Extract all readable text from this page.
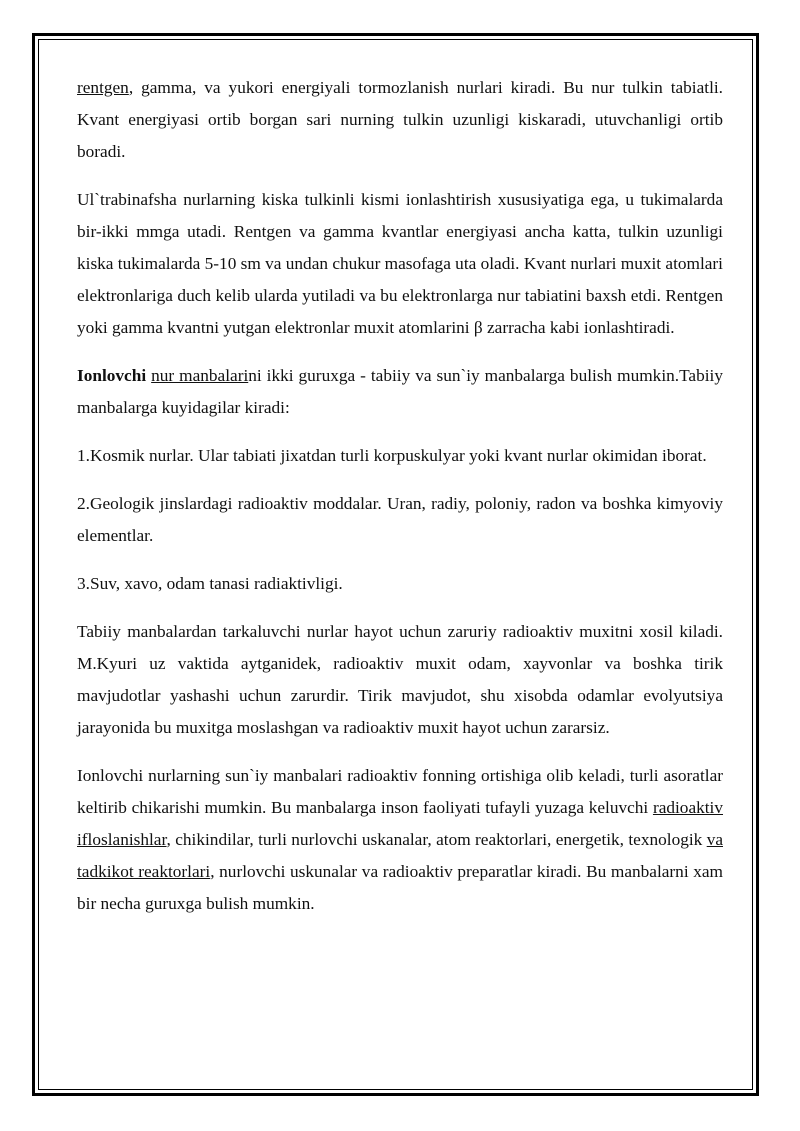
rentgen, gamma, va yukori energiyali tormozlanish nurlari kiradi. Bu nur tulkin tabiatli. Kvant energiyasi ortib borgan sari nurning tulkin uzunligi kiskaradi, utuvchanligi ortib boradi.

Ul`trabinafsha nurlarning kiska tulkinli kismi ionlashtirish xususiyatiga ega, u tukimalarda bir-ikki mmga utadi. Rentgen va gamma kvantlar energiyasi ancha katta, tulkin uzunligi kiska tukimalarda 5-10 sm va undan chukur masofaga uta oladi. Kvant nurlari muxit atomlari elektronlariga duch kelib ularda yutiladi va bu elektronlarga nur tabiatini baxsh etdi. Rentgen yoki gamma kvantni yutgan elektronlar muxit atomlarini β zarracha kabi ionlashtiradi.

Ionlovchi nur manbalarini ikki guruxga - tabiiy va sun`iy manbalarga bulish mumkin.Tabiiy manbalarga kuyidagilar kiradi:

1.Kosmik nurlar. Ular tabiati jixatdan turli korpuskulyar yoki kvant nurlar okimidan iborat.

2.Geologik jinslardagi radioaktiv moddalar. Uran, radiy, poloniy, radon va boshka kimyoviy elementlar.

3.Suv, xavo, odam tanasi radiaktivligi.

Tabiiy manbalardan tarkaluvchi nurlar hayot uchun zaruriy radioaktiv muxitni xosil kiladi. M.Kyuri uz vaktida aytganidek, radioaktiv muxit odam, xayvonlar va boshka tirik mavjudotlar yashashi uchun zarurdir. Tirik mavjudot, shu xisobda odamlar evolyutsiya jarayonida bu muxitga moslashgan va radioaktiv muxit hayot uchun zararsiz.

Ionlovchi nurlarning sun`iy manbalari radioaktiv fonning ortishiga olib keladi, turli asoratlar keltirib chikarishi mumkin. Bu manbalarga inson faoliyati tufayli yuzaga keluvchi radioaktiv ifloslanishlar, chikindilar, turli nurlovchi uskanalar, atom reaktorlari, energetik, texnologik va tadkikot reaktorlari, nurlovchi uskunalar va radioaktiv preparatlar kiradi. Bu manbalarni xam bir necha guruxga bulish mumkin.
